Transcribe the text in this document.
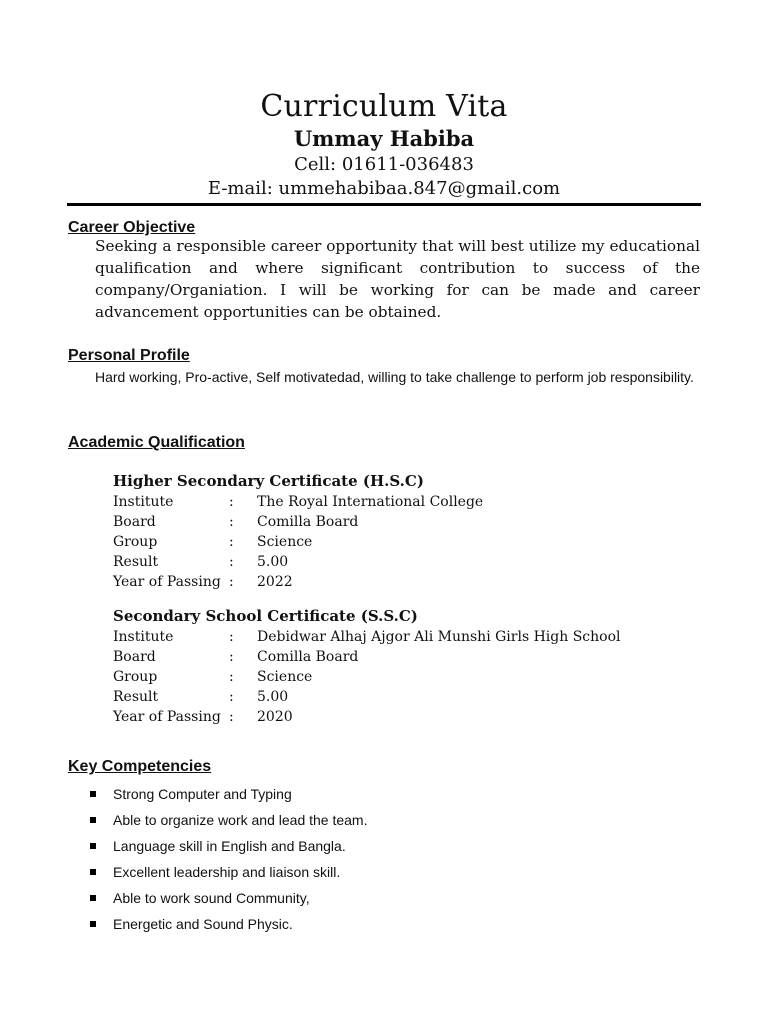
Curriculum Vita
Ummay Habiba
Cell: 01611-036483
E-mail: ummehabibaa.847@gmail.com
Career Objective

Seeking a responsible career opportunity that will best utilize my educational qualification and where significant contribution to success of the company/Organiation. I will be working for can be made and career advancement opportunities can be obtained.

Personal Profile

Hard working, Pro-active, Self motivatedad, willing to take challenge to perform job responsibility.

Academic Qualification
Higher Secondary Certificate (H.S.C)
Institute	:	The Royal International College
Board	:	Comilla Board
Group	:	Science
Result	:	5.00
Year of Passing :	2022
Secondary School Certificate (S.S.C)
Institute	:	Debidwar Alhaj Ajgor Ali Munshi Girls High School
Board	:	Comilla Board
Group	:	Science
Result	:	5.00
Year of Passing :	2020
Key Competencies
Strong Computer and Typing
Able to organize work and lead the team.
Language skill in English and Bangla.
Excellent leadership and liaison skill.
Able to work sound Community,
Energetic and Sound Physic.
